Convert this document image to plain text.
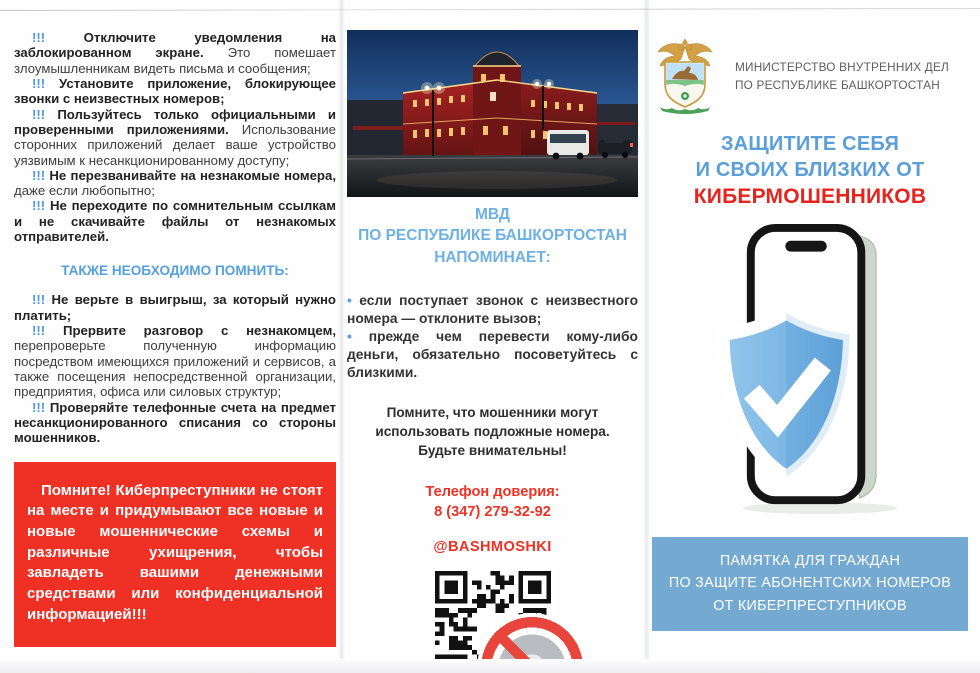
!!!	Отключите уведомления на заблокированном экране. Это помешает злоумышленникам видеть письма и сообщения;

!!! Установите приложение, блокирующее звонки с неизвестных номеров;

!!! Пользуйтесь только официальными и проверенными приложениями. Использование сторонних приложений делает ваше устройство уязвимым к несанкционированному доступу;

!!! Не перезванивайте на незнакомые номера, даже если любопытно;

!!! Не переходите по сомнительным ссылкам и не скачивайте файлы от незнакомых отправителей.

ТАКЖЕ НЕОБХОДИМО ПОМНИТЬ:

!!! Не верьте в выигрыш, за который нужно платить;

!!! Прервите разговор с незнакомцем, перепроверьте полученную информацию посредством имеющихся приложений и сервисов, а также посещения непосредственной организации, предприятия, офиса или силовых структур;

!!! Проверяйте телефонные счета на предмет несанкционированного списания со стороны мошенников.

Помните! Киберпреступники не стоят на месте и придумывают все новые и новые мошеннические схемы и различные ухищрения, чтобы завладеть вашими денежными средствами или конфиденциальной информацией!!!
МВД
ПО РЕСПУБЛИКЕ БАШКОРТОСТАН
НАПОМИНАЕТ:

• если поступает звонок с неизвестного номера — отклоните вызов;

• прежде чем перевести кому-либо деньги, обязательно посоветуйтесь с близкими.

Помните, что мошенники могут
использовать подложные номера.
Будьте внимательны!
Телефон доверия:
8 (347) 279-32-92
@BASHMOSHKI
МИНИСТЕРСТВО ВНУТРЕННИХ ДЕЛ
ПО РЕСПУБЛИКЕ БАШКОРТОСТАН
ЗАЩИТИТЕ СЕБЯ
И СВОИХ БЛИЗКИХ ОТ
КИБЕРМОШЕННИКОВ
ПАМЯТКА ДЛЯ ГРАЖДАН
ПО ЗАЩИТЕ АБОНЕНТСКИХ НОМЕРОВ
ОТ КИБЕРПРЕСТУПНИКОВ
